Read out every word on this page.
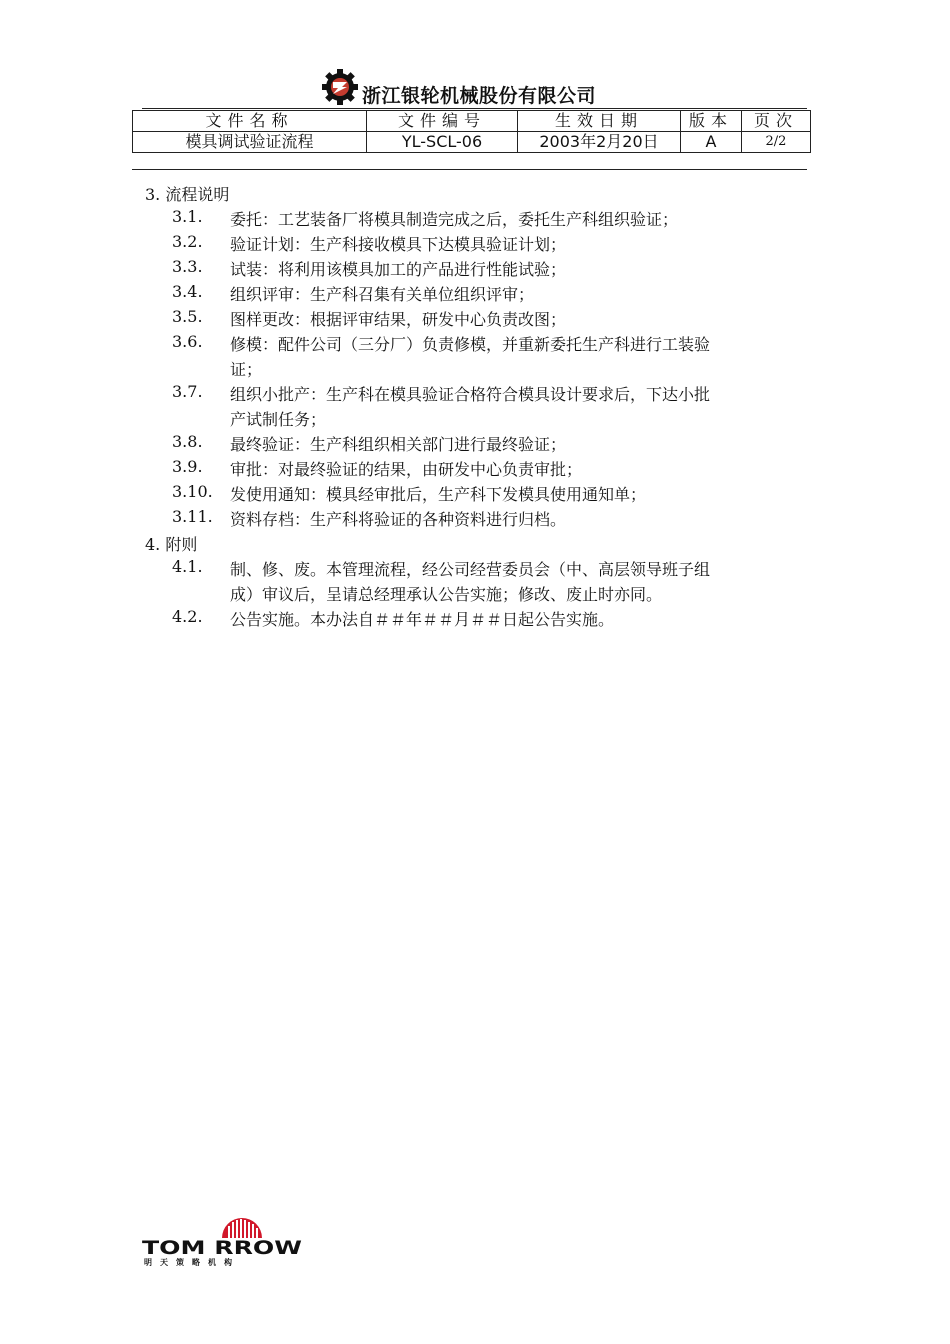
浙江银轮机械股份有限公司
文件名称	文件编号	生效日期	版本	页次
模具调试验证流程	YL-SCL-06	2003年2月20日	A	2/2
3. 流程说明
3.1.	委托：工艺装备厂将模具制造完成之后，委托生产科组织验证；
3.2.	验证计划：生产科接收模具下达模具验证计划；
3.3.	试装：将利用该模具加工的产品进行性能试验；
3.4.	组织评审：生产科召集有关单位组织评审；
3.5.	图样更改：根据评审结果，研发中心负责改图；
3.6.	修模：配件公司（三分厂）负责修模，并重新委托生产科进行工装验
证；
3.7.	组织小批产：生产科在模具验证合格符合模具设计要求后，下达小批
产试制任务；
3.8.	最终验证：生产科组织相关部门进行最终验证；
3.9.	审批：对最终验证的结果，由研发中心负责审批；
3.10.	发使用通知：模具经审批后，生产科下发模具使用通知单；
3.11.	资料存档：生产科将验证的各种资料进行归档。
4. 附则
4.1.	制、修、废。本管理流程，经公司经营委员会（中、高层领导班子组
成）审议后，呈请总经理承认公告实施；修改、废止时亦同。
4.2.	公告实施。本办法自＃＃年＃＃月＃＃日起公告实施。
TOM RROW
明 天 策 略 机 构
